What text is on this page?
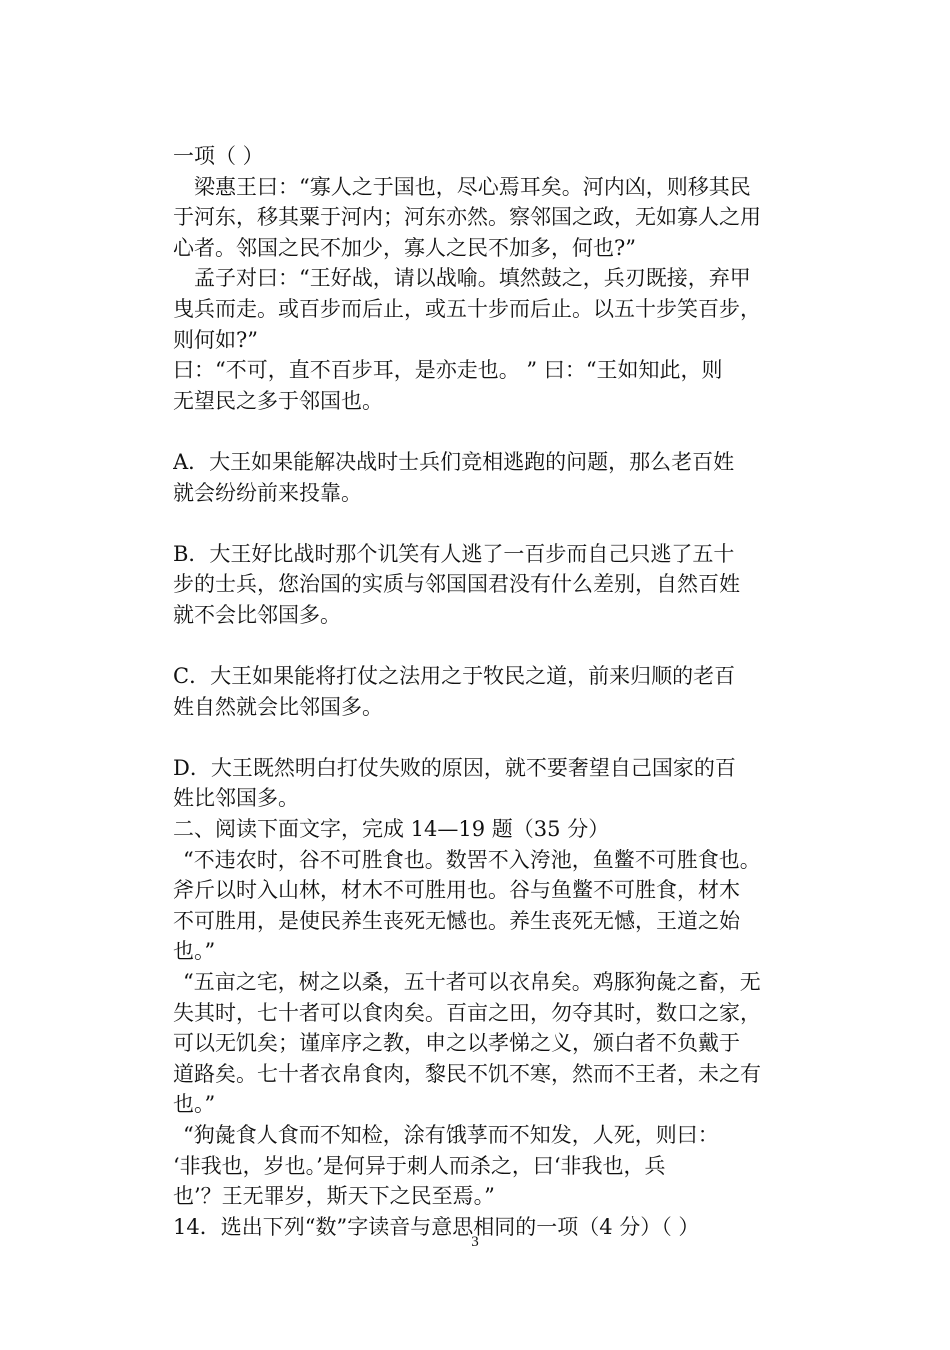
一项（ ）
梁惠王曰：“寡人之于国也，尽心焉耳矣。河内凶，则移其民
于河东，移其粟于河内；河东亦然。察邻国之政，无如寡人之用
心者。邻国之民不加少，寡人之民不加多，何也?”
孟子对曰：“王好战，请以战喻。填然鼓之，兵刃既接，弃甲
曳兵而走。或百步而后止，或五十步而后止。以五十步笑百步，
则何如?”
曰：“不可，直不百步耳，是亦走也。 ” 曰：“王如知此，则
无望民之多于邻国也。
A．大王如果能解决战时士兵们竞相逃跑的问题，那么老百姓
就会纷纷前来投靠。
B．大王好比战时那个讥笑有人逃了一百步而自己只逃了五十
步的士兵，您治国的实质与邻国国君没有什么差别，自然百姓
就不会比邻国多。
C．大王如果能将打仗之法用之于牧民之道，前来归顺的老百
姓自然就会比邻国多。
D．大王既然明白打仗失败的原因，就不要奢望自己国家的百
姓比邻国多。
二、阅读下面文字，完成 14—19 题（35 分）
“不违农时，谷不可胜食也。数罟不入洿池，鱼鳖不可胜食也。
斧斤以时入山林，材木不可胜用也。谷与鱼鳖不可胜食，材木
不可胜用，是使民养生丧死无憾也。养生丧死无憾，王道之始
也。”
“五亩之宅，树之以桑，五十者可以衣帛矣。鸡豚狗彘之畜，无
失其时，七十者可以食肉矣。百亩之田，勿夺其时，数口之家，
可以无饥矣；谨庠序之教，申之以孝悌之义，颁白者不负戴于
道路矣。七十者衣帛食肉，黎民不饥不寒，然而不王者，未之有
也。”
“狗彘食人食而不知检，涂有饿莩而不知发，人死，则曰：
‘非我也，岁也。’是何异于刺人而杀之，曰‘非我也，兵
也’？王无罪岁，斯天下之民至焉。”
14．选出下列“数”字读音与意思相同的一项（4 分）（ ）
3
